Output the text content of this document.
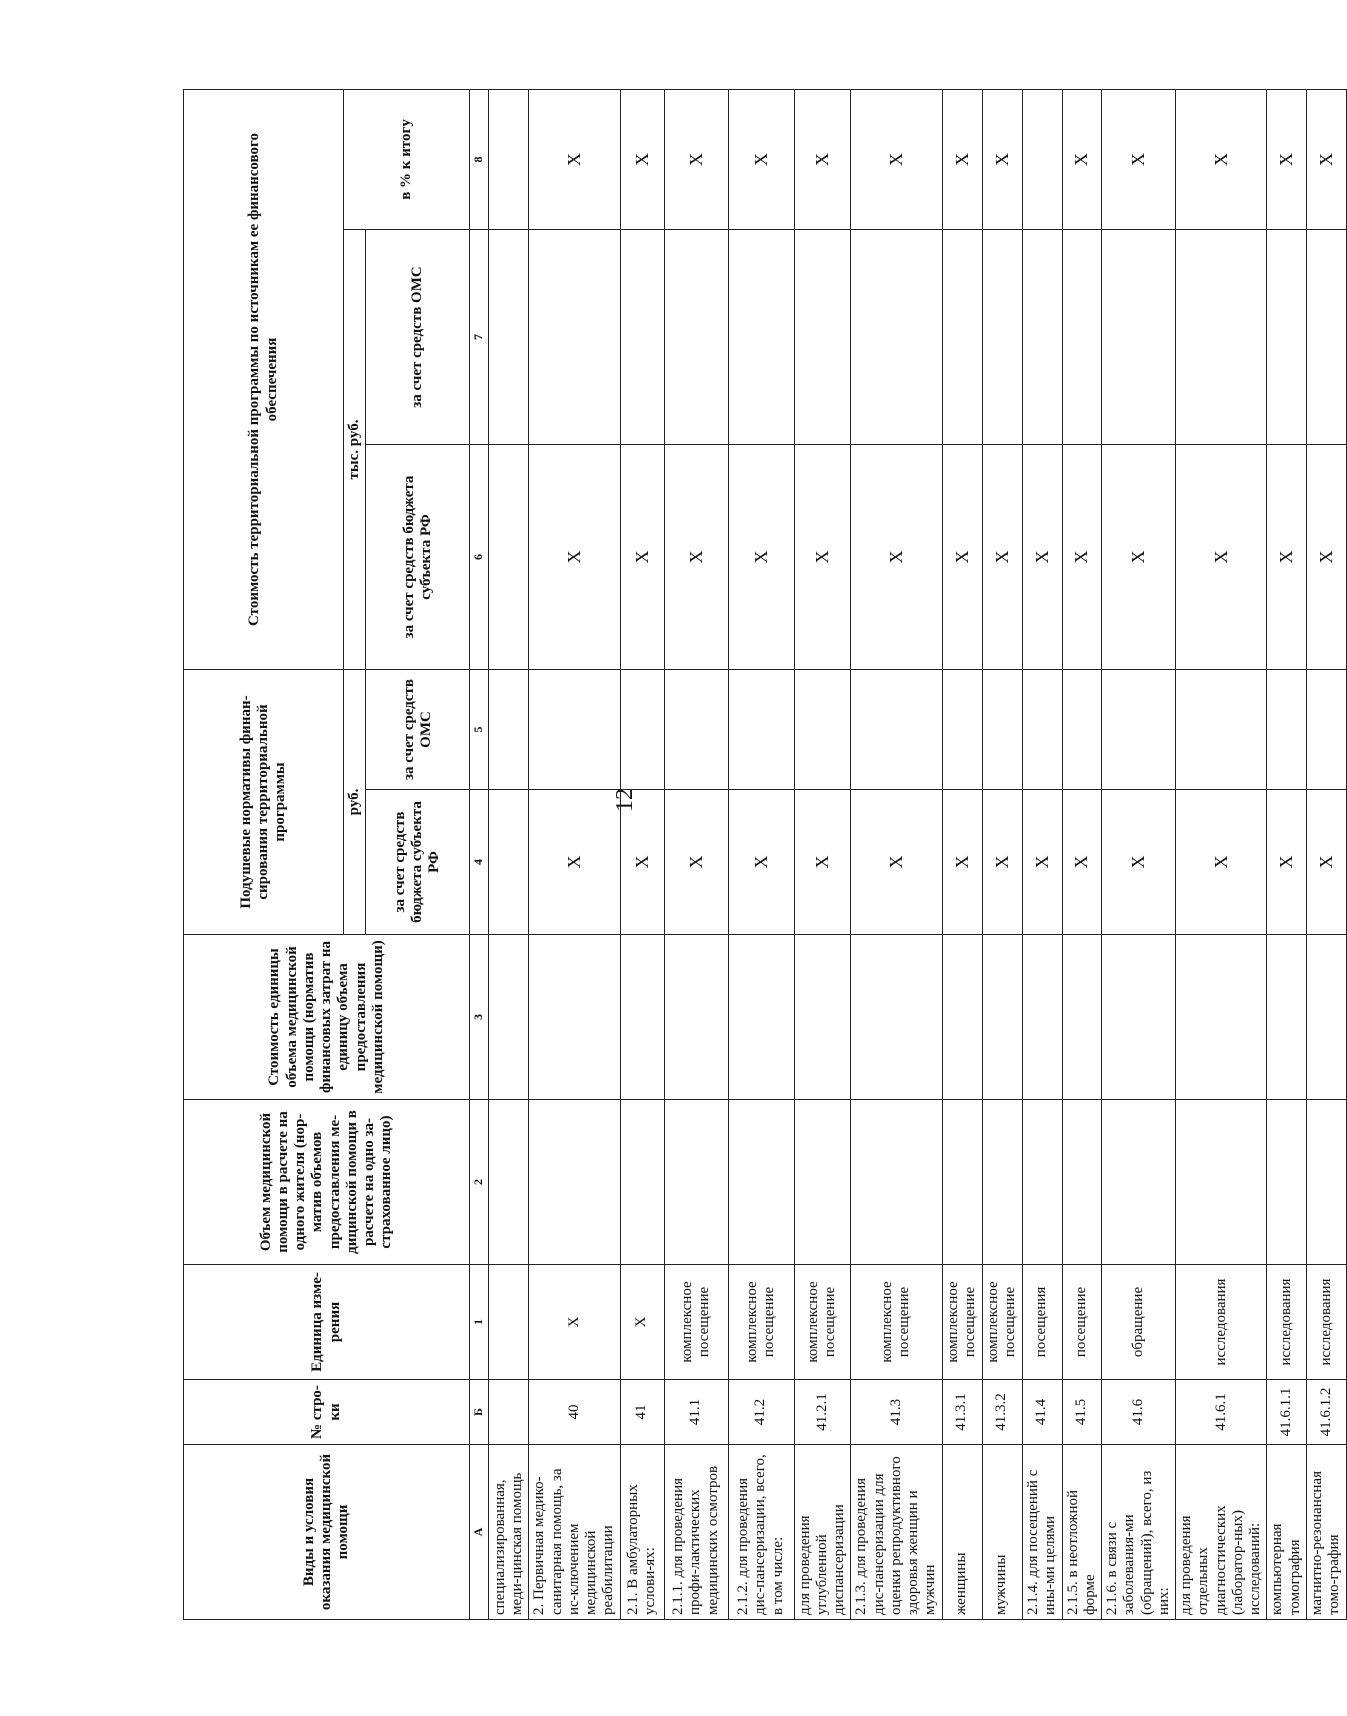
12
Виды и условия оказания медицинской помощи	№ стро-ки	Единица изме-рения	Объем медицинской помощи в расчете на одного жителя (нор-матив объемов предоставления ме-дицинской помощи в расчете на одно за-страхованное лицо)	Стоимость единицы объема медицинской помощи (норматив финансовых затрат на единицу объема предоставления медицинской помощи)	Подушевые нормативы финан-сирования территориальной программы		Стоимость территориальной программы по источникам ее финансового обеспечения		
					руб.		тыс. руб.		в % к итогу
					за счет средств бюджета субъекта РФ	за счет средств ОМС	за счет средств бюджета субъекта РФ	за счет средств ОМС	
А	Б	1	2	3	4	5	6	7	8
специализированная, меди-цинская помощь									
2. Первичная медико-санитарная помощь, за ис-ключением медицинской реабилитации	40	X			X		X		X
2.1. В амбулаторных услови-ях:	41	X			X		X		X
2.1.1. для проведения профи-лактических медицинских осмотров	41.1	комплексное посещение			X		X		X
2.1.2. для проведения дис-пансеризации, всего, в том числе:	41.2	комплексное посещение			X		X		X
для проведения углубленной диспансеризации	41.2.1	комплексное посещение			X		X		X
2.1.3. для проведения дис-пансеризации для оценки репродуктивного здоровья женщин и мужчин	41.3	комплексное посещение			X		X		X
женщины	41.3.1	комплексное посещение			X		X		X
мужчины	41.3.2	комплексное посещение			X		X		X
2.1.4. для посещений с ины-ми целями	41.4	посещения			X		X		
2.1.5. в неотложной форме	41.5	посещение			X		X		X
2.1.6. в связи с заболевания-ми (обращений), всего, из них:	41.6	обращение			X		X		X
для проведения отдельных диагностических (лаборатор-ных) исследований:	41.6.1	исследования			X		X		X
компьютерная томография	41.6.1.1	исследования			X		X		X
магнитно-резонансная томо-графия	41.6.1.2	исследования			X		X		X
